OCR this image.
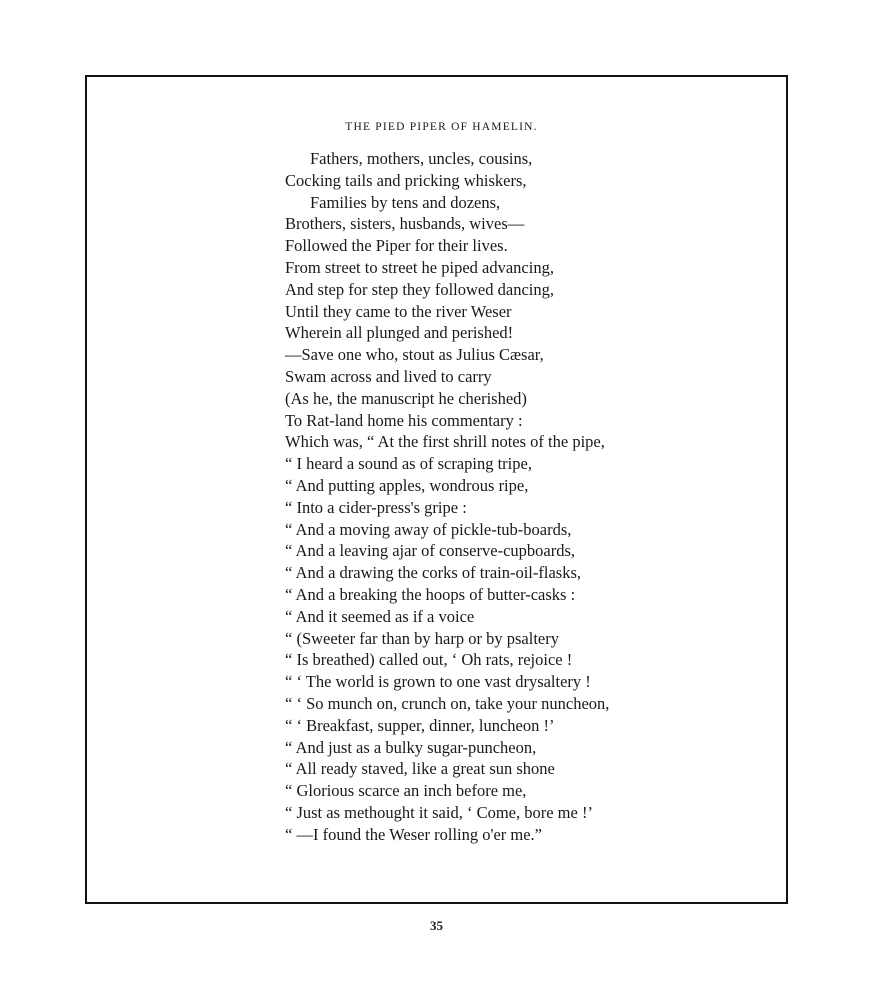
THE PIED PIPER OF HAMELIN.
Fathers, mothers, uncles, cousins,
Cocking tails and pricking whiskers,
Families by tens and dozens,
Brothers, sisters, husbands, wives—
Followed the Piper for their lives.
From street to street he piped advancing,
And step for step they followed dancing,
Until they came to the river Weser
Wherein all plunged and perished!
—Save one who, stout as Julius Cæsar,
Swam across and lived to carry
(As he, the manuscript he cherished)
To Rat-land home his commentary :
Which was, “ At the first shrill notes of the pipe,
“ I heard a sound as of scraping tripe,
“ And putting apples, wondrous ripe,
“ Into a cider-press's gripe :
“ And a moving away of pickle-tub-boards,
“ And a leaving ajar of conserve-cupboards,
“ And a drawing the corks of train-oil-flasks,
“ And a breaking the hoops of butter-casks :
“ And it seemed as if a voice
“ (Sweeter far than by harp or by psaltery
“ Is breathed) called out, ‘ Oh rats, rejoice !
“ ‘ The world is grown to one vast drysaltery !
“ ‘ So munch on, crunch on, take your nuncheon,
“ ‘ Breakfast, supper, dinner, luncheon !’
“ And just as a bulky sugar-puncheon,
“ All ready staved, like a great sun shone
“ Glorious scarce an inch before me,
“ Just as methought it said, ‘ Come, bore me !’
“ —I found the Weser rolling o'er me.”
35
